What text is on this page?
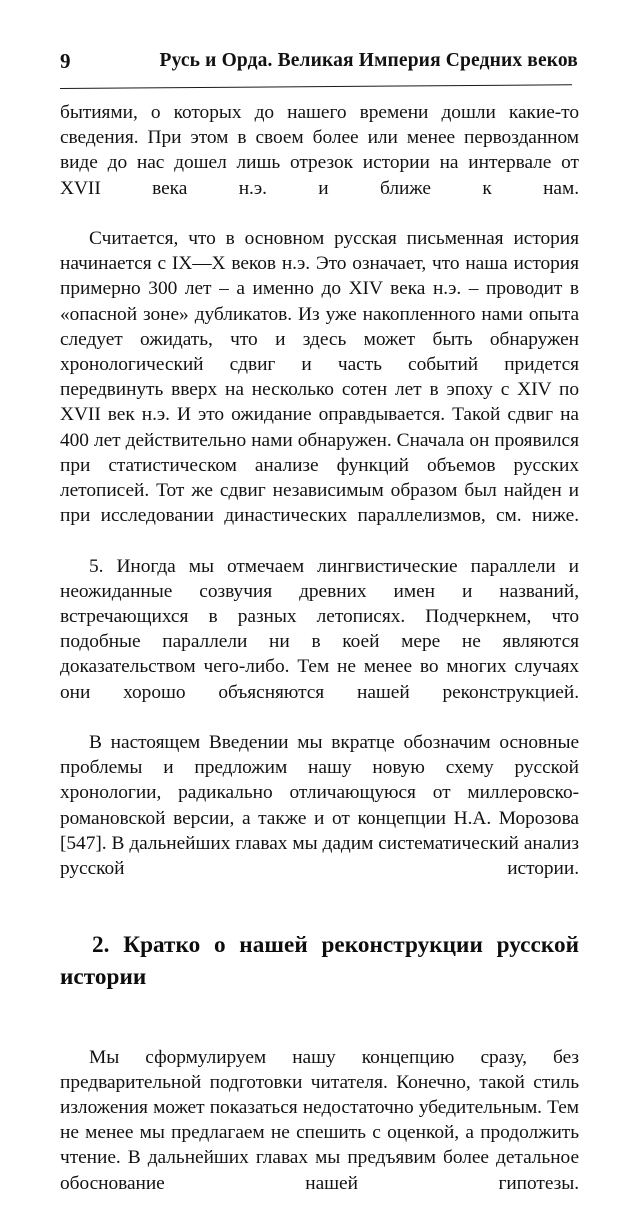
9	Русь и Орда. Великая Империя Средних веков

бытиями, о которых до нашего времени дошли какие-то сведения. При этом в своем более или менее первозданном виде до нас дошел лишь отрезок истории на интервале от XVII века н.э. и ближе к нам.

Считается, что в основном русская письменная история начинается с IX—X веков н.э. Это означает, что наша история примерно 300 лет – а именно до XIV века н.э. – проводит в «опасной зоне» дубликатов. Из уже накопленного нами опыта следует ожидать, что и здесь может быть обнаружен хронологический сдвиг и часть событий придется передвинуть вверх на несколько сотен лет в эпоху с XIV по XVII век н.э. И это ожидание оправдывается. Такой сдвиг на 400 лет действительно нами обнаружен. Сначала он проявился при статистическом анализе функций объемов русских летописей. Тот же сдвиг независимым образом был найден и при исследовании династических параллелизмов, см. ниже.

5. Иногда мы отмечаем лингвистические параллели и неожиданные созвучия древних имен и названий, встречающихся в разных летописях. Подчеркнем, что подобные параллели ни в коей мере не являются доказательством чего-либо. Тем не менее во многих случаях они хорошо объясняются нашей реконструкцией.

В настоящем Введении мы вкратце обозначим основные проблемы и предложим нашу новую схему русской хронологии, радикально отличающуюся от миллеровско-романовской версии, а также и от концепции Н.А. Морозова [547]. В дальнейших главах мы дадим систематический анализ русской истории.

2. Кратко о нашей реконструкции русской истории

Мы сформулируем нашу концепцию сразу, без предварительной подготовки читателя. Конечно, такой стиль изложения может показаться недостаточно убедительным. Тем не менее мы предлагаем не спешить с оценкой, а продолжить чтение. В дальнейших главах мы предъявим более детальное обоснование нашей гипотезы.
